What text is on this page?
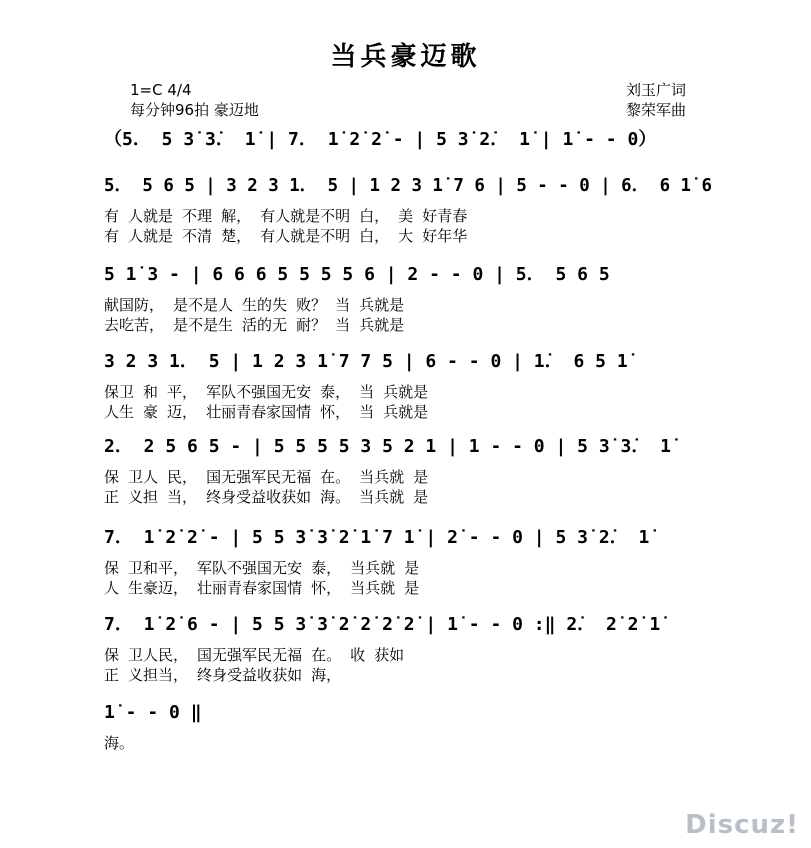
当兵豪迈歌
1=C 4/4
每分钟96拍 豪迈地
刘玉广词
黎荣军曲
（5． 5 3̇ 3̇． 1̇ | 7． 1̇ 2̇ 2̇ - | 5 3̇ 2̇． 1̇ | 1̇ - - 0）
5． 5 6 5 | 3 2 3 1． 5 | 1 2 3 1̇ 7 6 | 5 - - 0 | 6． 6 1̇ 6
有 人就是 不理 解， 有人就是不明 白， 美 好青春
有 人就是 不清 楚， 有人就是不明 白， 大 好年华
5 1̇ 3 - | 6 6 6 5 5 5 5 6 | 2 - - 0 | 5． 5 6 5
献国防， 是不是人 生的失 败？ 当 兵就是
去吃苦， 是不是生 活的无 耐？ 当 兵就是
3 2 3 1． 5 | 1 2 3 1̇ 7 7 5 | 6 - - 0 | 1̇． 6 5 1̇
保卫 和 平， 军队不强国无安 泰， 当 兵就是
人生 豪 迈， 壮丽青春家国情 怀， 当 兵就是
2． 2 5 6 5 - | 5 5 5 5 3 5 2 1 | 1 - - 0 | 5 3̇ 3̇． 1̇
保 卫人 民， 国无强军民无福 在。 当兵就 是
正 义担 当， 终身受益收获如 海。 当兵就 是
7． 1̇ 2̇ 2̇ - | 5 5 3̇ 3̇ 2̇ 1̇ 7 1̇ | 2̇ - - 0 | 5 3̇ 2̇． 1̇
保 卫和平， 军队不强国无安 泰， 当兵就 是
人 生豪迈， 壮丽青春家国情 怀， 当兵就 是
7． 1̇ 2̇ 6 - | 5 5 3̇ 3̇ 2̇ 2̇ 2̇ 2̇ | 1̇ - - 0 :‖ 2̇． 2̇ 2̇ 1̇
保 卫人民， 国无强军民无福 在。 收 获如
正 义担当， 终身受益收获如 海，
1̇ - - 0 ‖
海。
Discuz!
